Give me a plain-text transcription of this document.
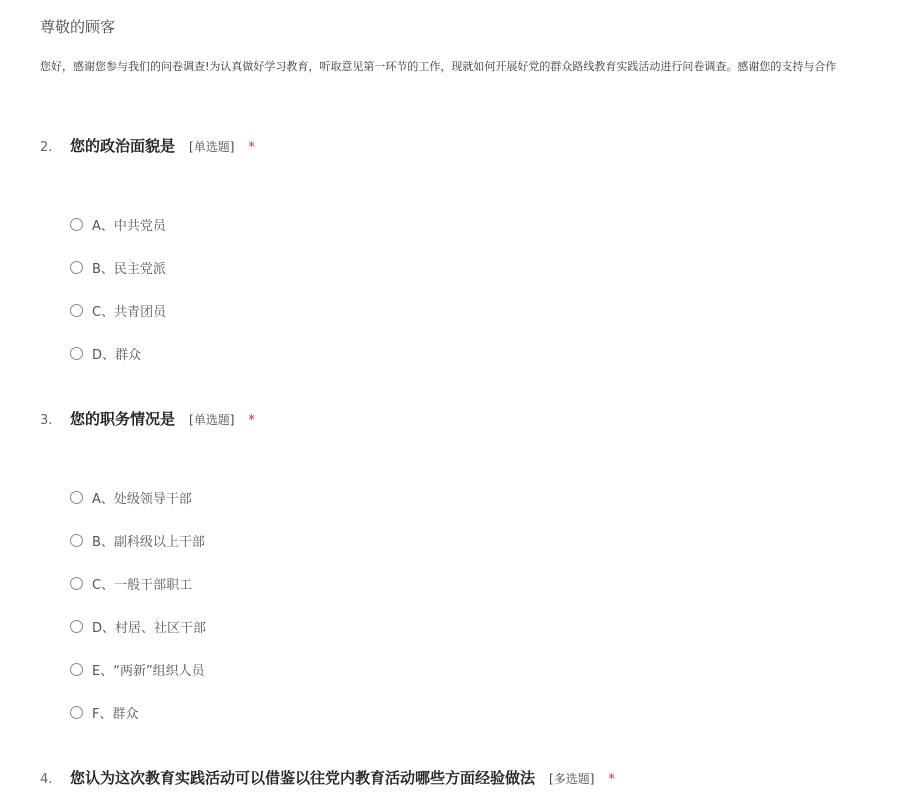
尊敬的顾客
您好，感谢您参与我们的问卷调查!为认真做好学习教育，听取意见第一环节的工作，现就如何开展好党的群众路线教育实践活动进行问卷调查。感谢您的支持与合作
2.	您的政治面貌是 [单选题] *
A、中共党员
B、民主党派
C、共青团员
D、群众
3.	您的职务情况是 [单选题] *
A、处级领导干部
B、副科级以上干部
C、一般干部职工
D、村居、社区干部
E、“两新”组织人员
F、群众
4.	您认为这次教育实践活动可以借鉴以往党内教育活动哪些方面经验做法 [多选题] *
